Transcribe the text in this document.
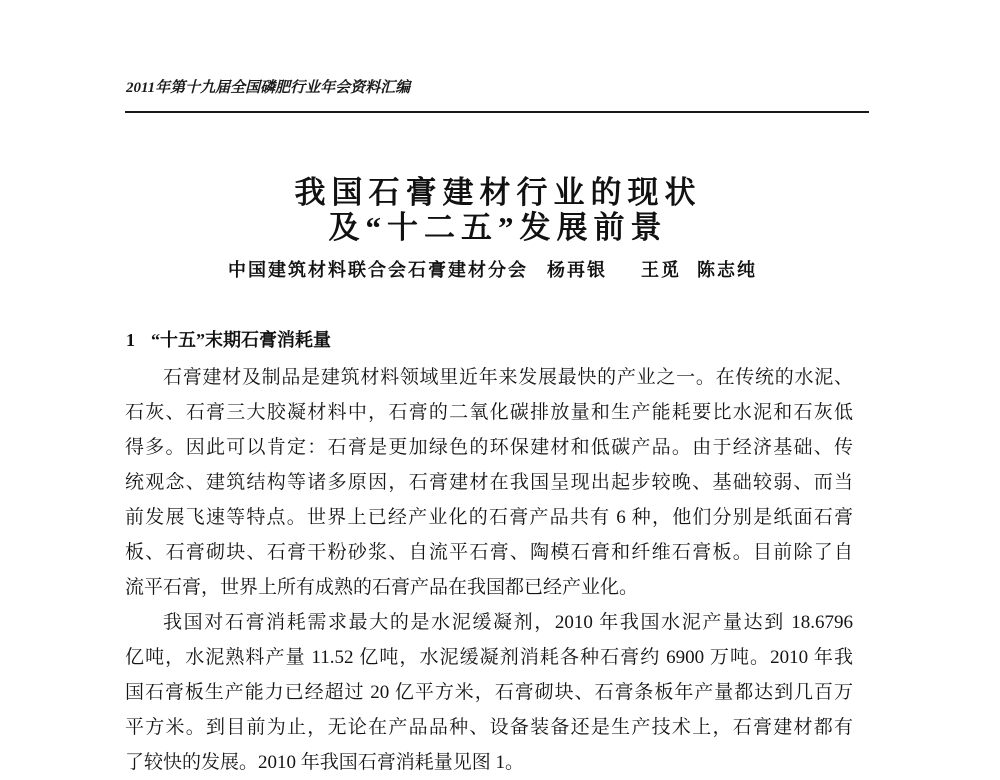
2011年第十九届全国磷肥行业年会资料汇编
我国石膏建材行业的现状
及“十二五”发展前景
中国建筑材料联合会石膏建材分会 杨再银 王觅 陈志纯
1 “十五”末期石膏消耗量
石膏建材及制品是建筑材料领域里近年来发展最快的产业之一。在传统的水泥、
石灰、石膏三大胶凝材料中，石膏的二氧化碳排放量和生产能耗要比水泥和石灰低
得多。因此可以肯定：石膏是更加绿色的环保建材和低碳产品。由于经济基础、传
统观念、建筑结构等诸多原因，石膏建材在我国呈现出起步较晚、基础较弱、而当
前发展飞速等特点。世界上已经产业化的石膏产品共有 6 种，他们分别是纸面石膏
板、石膏砌块、石膏干粉砂浆、自流平石膏、陶模石膏和纤维石膏板。目前除了自
流平石膏，世界上所有成熟的石膏产品在我国都已经产业化。
我国对石膏消耗需求最大的是水泥缓凝剂，2010 年我国水泥产量达到 18.6796
亿吨，水泥熟料产量 11.52 亿吨，水泥缓凝剂消耗各种石膏约 6900 万吨。2010 年我
国石膏板生产能力已经超过 20 亿平方米，石膏砌块、石膏条板年产量都达到几百万
平方米。到目前为止，无论在产品品种、设备装备还是生产技术上，石膏建材都有
了较快的发展。2010 年我国石膏消耗量见图 1。
